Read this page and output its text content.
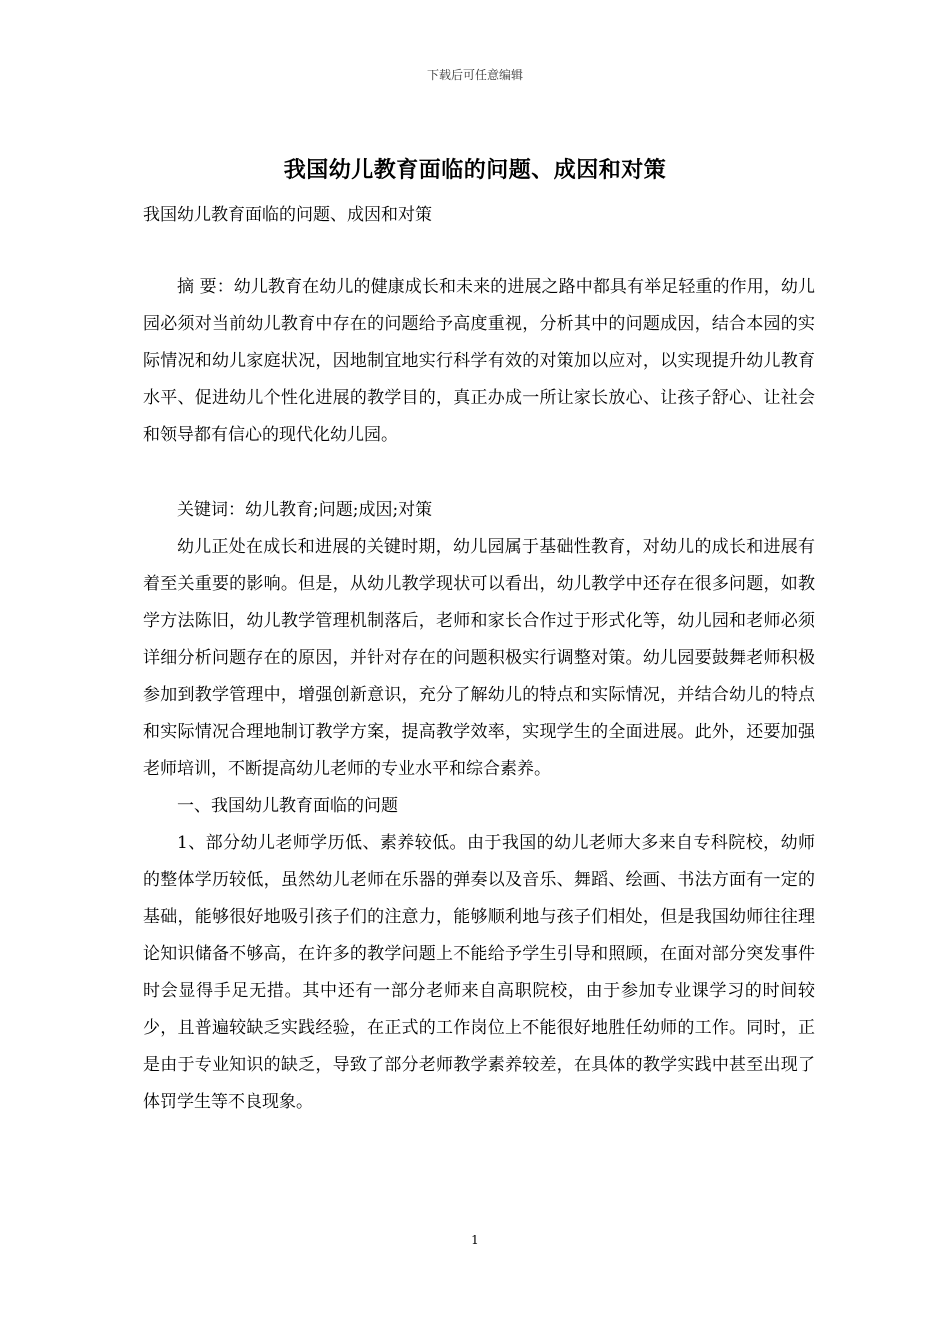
下载后可任意编辑
我国幼儿教育面临的问题、成因和对策
我国幼儿教育面临的问题、成因和对策

摘 要：幼儿教育在幼儿的健康成长和未来的进展之路中都具有举足轻重的作用，幼儿园必须对当前幼儿教育中存在的问题给予高度重视，分析其中的问题成因，结合本园的实际情况和幼儿家庭状况，因地制宜地实行科学有效的对策加以应对，以实现提升幼儿教育水平、促进幼儿个性化进展的教学目的，真正办成一所让家长放心、让孩子舒心、让社会和领导都有信心的现代化幼儿园。

关键词：幼儿教育;问题;成因;对策

幼儿正处在成长和进展的关键时期，幼儿园属于基础性教育，对幼儿的成长和进展有着至关重要的影响。但是，从幼儿教学现状可以看出，幼儿教学中还存在很多问题，如教学方法陈旧，幼儿教学管理机制落后，老师和家长合作过于形式化等，幼儿园和老师必须详细分析问题存在的原因，并针对存在的问题积极实行调整对策。幼儿园要鼓舞老师积极参加到教学管理中，增强创新意识，充分了解幼儿的特点和实际情况，并结合幼儿的特点和实际情况合理地制订教学方案，提高教学效率，实现学生的全面进展。此外，还要加强老师培训，不断提高幼儿老师的专业水平和综合素养。

一、我国幼儿教育面临的问题

1、部分幼儿老师学历低、素养较低。由于我国的幼儿老师大多来自专科院校，幼师的整体学历较低，虽然幼儿老师在乐器的弹奏以及音乐、舞蹈、绘画、书法方面有一定的基础，能够很好地吸引孩子们的注意力，能够顺利地与孩子们相处，但是我国幼师往往理论知识储备不够高，在许多的教学问题上不能给予学生引导和照顾，在面对部分突发事件时会显得手足无措。其中还有一部分老师来自高职院校，由于参加专业课学习的时间较少，且普遍较缺乏实践经验，在正式的工作岗位上不能很好地胜任幼师的工作。同时，正是由于专业知识的缺乏，导致了部分老师教学素养较差，在具体的教学实践中甚至出现了体罚学生等不良现象。

1
